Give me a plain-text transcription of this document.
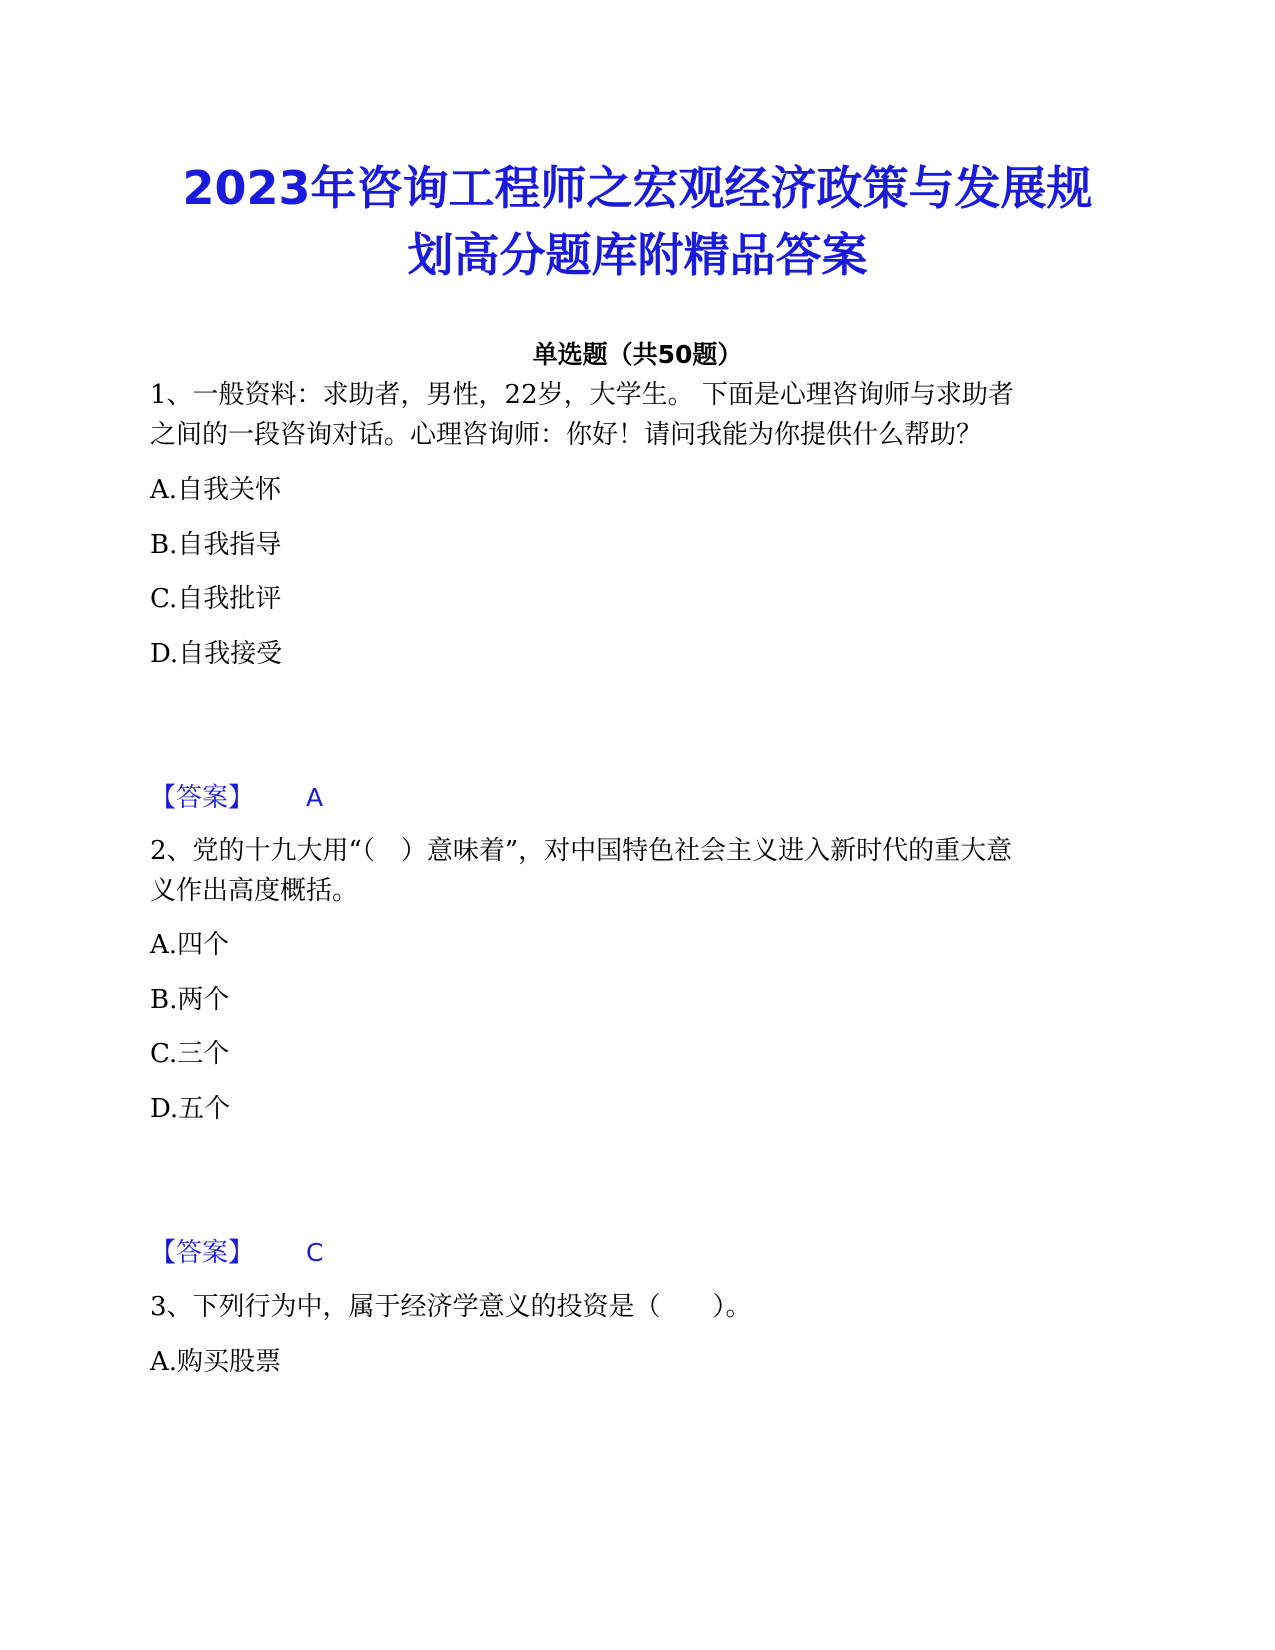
2023年咨询工程师之宏观经济政策与发展规
划高分题库附精品答案
单选题（共50题）
1、一般资料：求助者，男性，22岁，大学生。 下面是心理咨询师与求助者
之间的一段咨询对话。心理咨询师：你好！请问我能为你提供什么帮助？
A.自我关怀
B.自我指导
C.自我批评
D.自我接受
【答案】 A
2、党的十九大用“（　）意味着”，对中国特色社会主义进入新时代的重大意
义作出高度概括。
A.四个
B.两个
C.三个
D.五个
【答案】 C
3、下列行为中，属于经济学意义的投资是（　　）。
A.购买股票
